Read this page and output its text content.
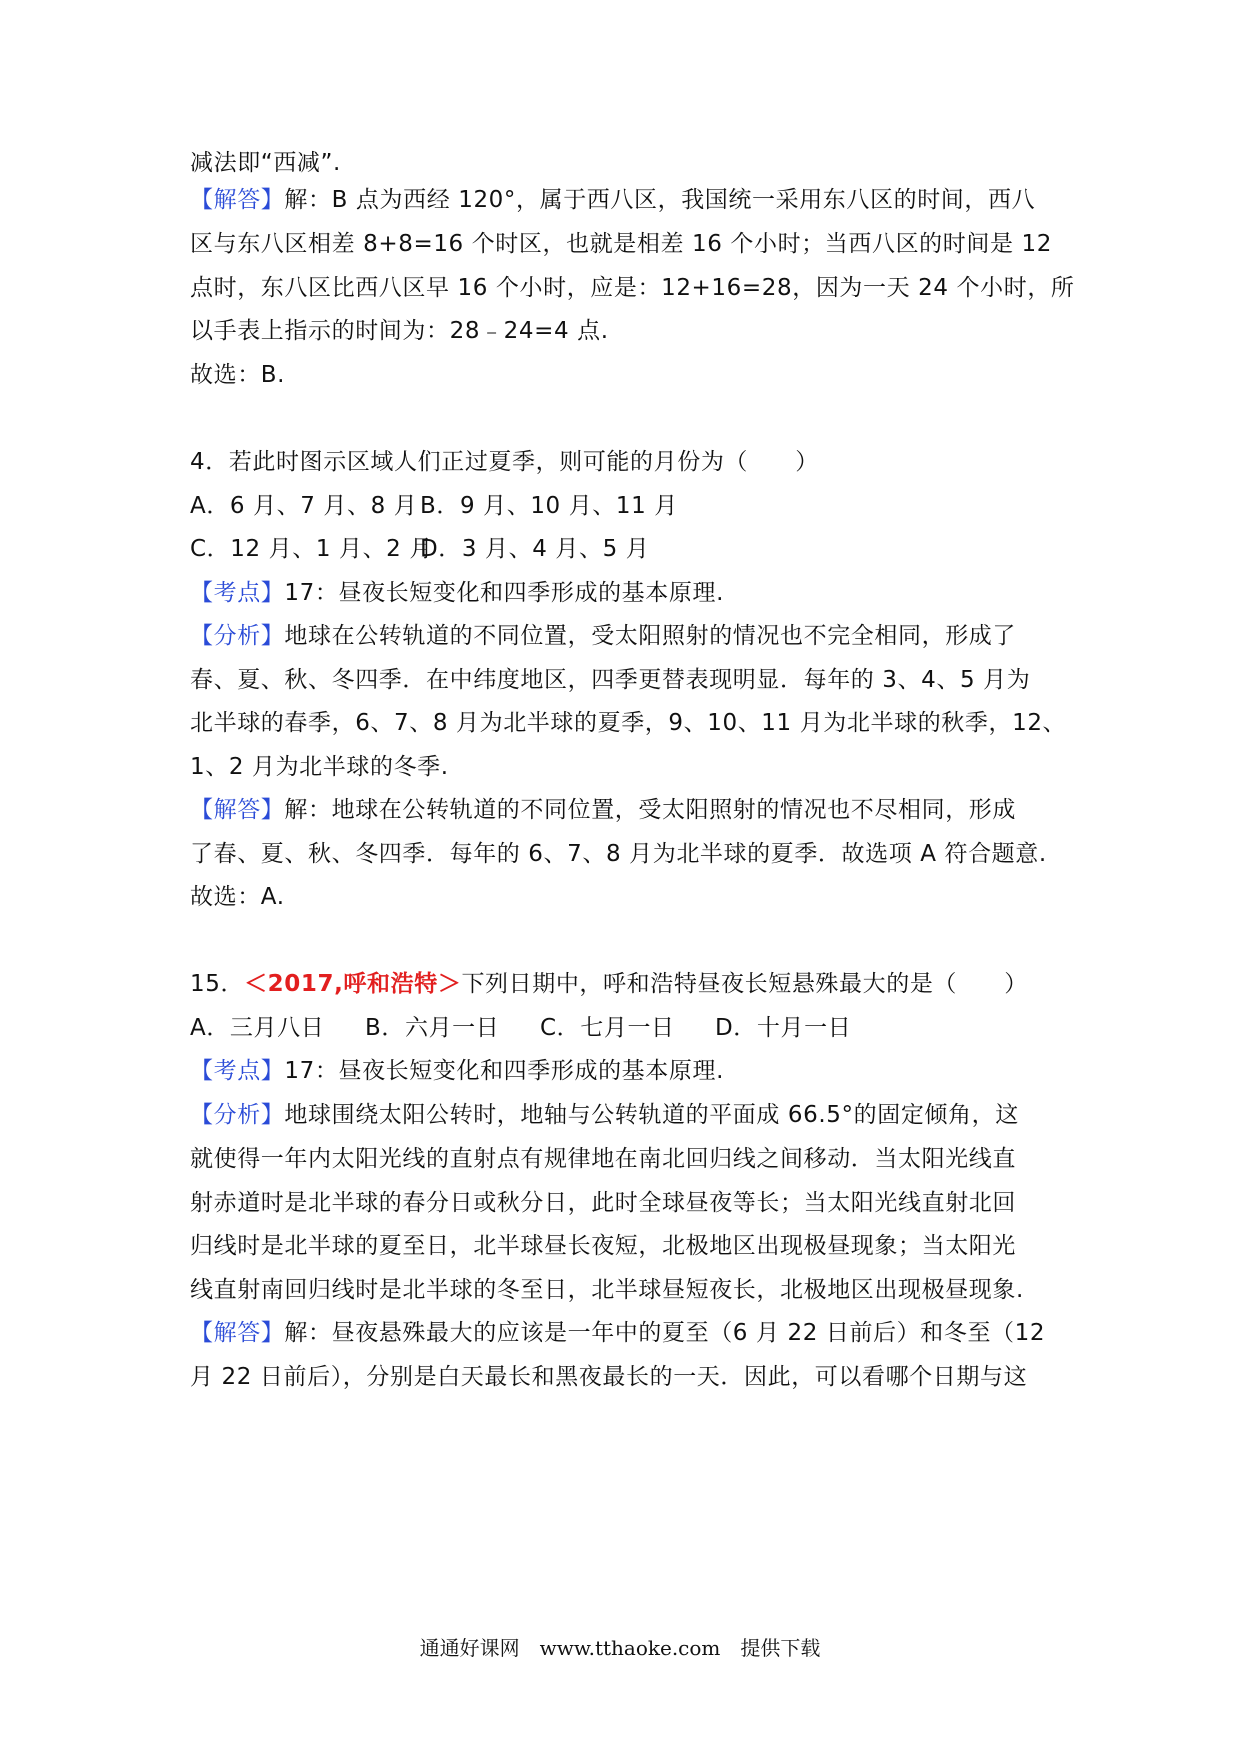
减法即“西减”.
【解答】解：B 点为西经 120°，属于西八区，我国统一采用东八区的时间，西八
区与东八区相差 8+8=16 个时区，也就是相差 16 个小时；当西八区的时间是 12
点时，东八区比西八区早 16 个小时，应是：12+16=28，因为一天 24 个小时，所
以手表上指示的时间为：28﹣24=4 点.
故选：B.
4．若此时图示区域人们正过夏季，则可能的月份为（　　）
A．6 月、7 月、8 月 B．9 月、10 月、11 月
C．12 月、1 月、2 月D．3 月、4 月、5 月
【考点】17：昼夜长短变化和四季形成的基本原理.
【分析】地球在公转轨道的不同位置，受太阳照射的情况也不完全相同，形成了
春、夏、秋、冬四季．在中纬度地区，四季更替表现明显．每年的 3、4、5 月为
北半球的春季，6、7、8 月为北半球的夏季，9、10、11 月为北半球的秋季，12、
1、2 月为北半球的冬季.
【解答】解：地球在公转轨道的不同位置，受太阳照射的情况也不尽相同，形成
了春、夏、秋、冬四季．每年的 6、7、8 月为北半球的夏季．故选项 A 符合题意.
故选：A.
15．＜2017,呼和浩特＞下列日期中，呼和浩特昼夜长短悬殊最大的是（　　）
A．三月八日 B．六月一日 C．七月一日 D．十月一日
【考点】17：昼夜长短变化和四季形成的基本原理.
【分析】地球围绕太阳公转时，地轴与公转轨道的平面成 66.5°的固定倾角，这
就使得一年内太阳光线的直射点有规律地在南北回归线之间移动．当太阳光线直
射赤道时是北半球的春分日或秋分日，此时全球昼夜等长；当太阳光线直射北回
归线时是北半球的夏至日，北半球昼长夜短，北极地区出现极昼现象；当太阳光
线直射南回归线时是北半球的冬至日，北半球昼短夜长，北极地区出现极昼现象.
【解答】解：昼夜悬殊最大的应该是一年中的夏至（6 月 22 日前后）和冬至（12
月 22 日前后），分别是白天最长和黑夜最长的一天．因此，可以看哪个日期与这
通通好课网　www.tthaoke.com　提供下载
